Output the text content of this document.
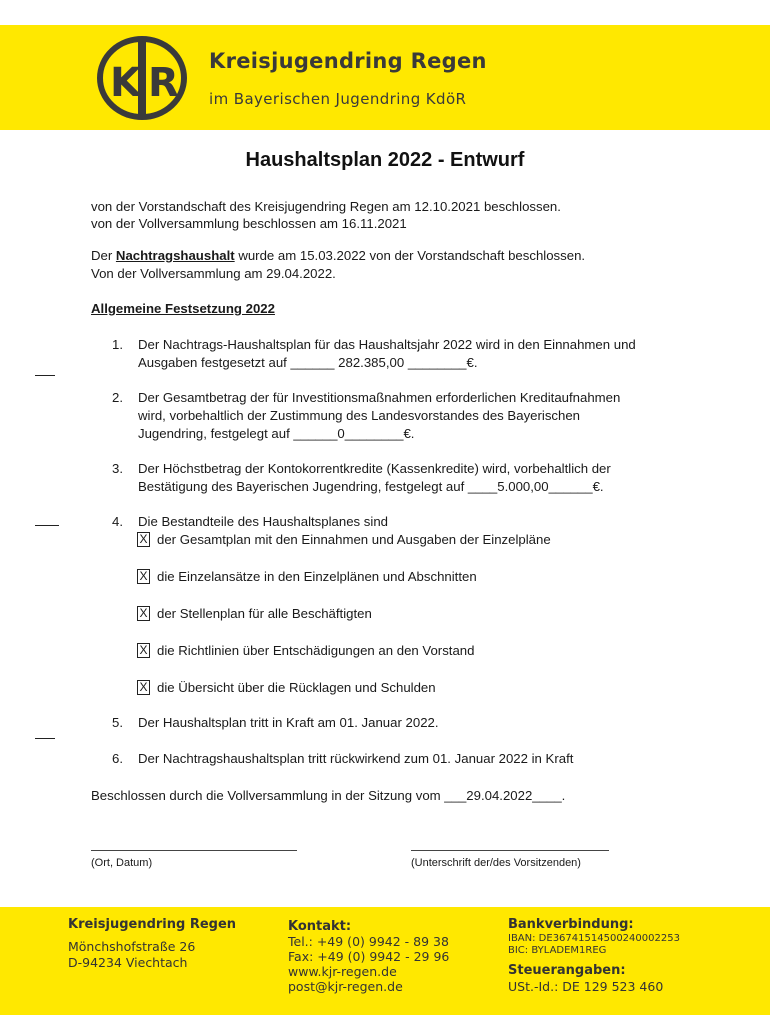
K R Kreisjugendring Regen
im Bayerischen Jugendring KdöR
Haushaltsplan 2022 - Entwurf
von der Vorstandschaft des Kreisjugendring Regen am 12.10.2021 beschlossen.
von der Vollversammlung beschlossen am 16.11.2021
Der Nachtragshaushalt wurde am 15.03.2022 von der Vorstandschaft beschlossen.
Von der Vollversammlung am 29.04.2022.
Allgemeine Festsetzung 2022
1. Der Nachtrags-Haushaltsplan für das Haushaltsjahr 2022 wird in den Einnahmen und
Ausgaben festgesetzt auf ______ 282.385,00 ________€.
2. Der Gesamtbetrag der für Investitionsmaßnahmen erforderlichen Kreditaufnahmen
wird, vorbehaltlich der Zustimmung des Landesvorstandes des Bayerischen
Jugendring, festgelegt auf ______0________€.
3. Der Höchstbetrag der Kontokorrentkredite (Kassenkredite) wird, vorbehaltlich der
Bestätigung des Bayerischen Jugendring, festgelegt auf ____5.000,00______€.
4. Die Bestandteile des Haushaltsplanes sind
X der Gesamtplan mit den Einnahmen und Ausgaben der Einzelpläne
X die Einzelansätze in den Einzelplänen und Abschnitten
X der Stellenplan für alle Beschäftigten
X die Richtlinien über Entschädigungen an den Vorstand
X die Übersicht über die Rücklagen und Schulden
5. Der Haushaltsplan tritt in Kraft am 01. Januar 2022.
6. Der Nachtragshaushaltsplan tritt rückwirkend zum 01. Januar 2022 in Kraft
Beschlossen durch die Vollversammlung in der Sitzung vom ___29.04.2022____.
(Ort, Datum)	(Unterschrift der/des Vorsitzenden)
Kreisjugendring Regen
Mönchshofstraße 26
D-94234 Viechtach
Kontakt:
Tel.: +49 (0) 9942 - 89 38
Fax: +49 (0) 9942 - 29 96
www.kjr-regen.de
post@kjr-regen.de
Bankverbindung:
IBAN: DE36741514500240002253
BIC: BYLADEM1REG
Steuerangaben:
USt.-Id.: DE 129 523 460
